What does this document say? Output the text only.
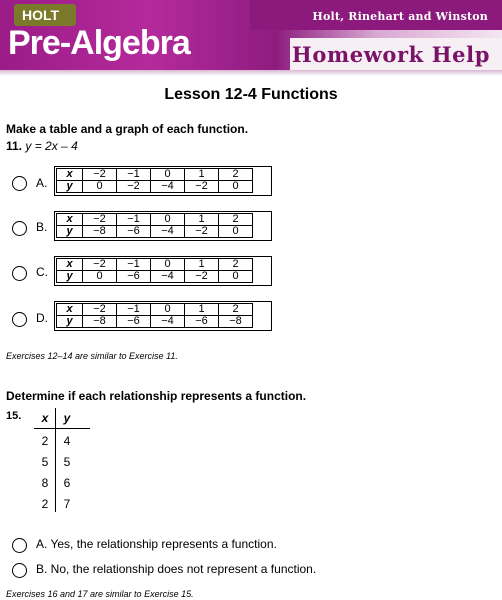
HOLT
Pre-Algebra
Holt, Rinehart and Winston
Homework Help
Lesson 12-4 Functions
Make a table and a graph of each function.
11. y = 2x – 4
A.
x	−2	−1	0	1	2
y	0	−2	−4	−2	0
B.
x	−2	−1	0	1	2
y	−8	−6	−4	−2	0
C.
x	−2	−1	0	1	2
y	0	−6	−4	−2	0
D.
x	−2	−1	0	1	2
y	−8	−6	−4	−6	−8
Exercises 12–14 are similar to Exercise 11.
Determine if each relationship represents a function.
15.	x	y
2	4
5	5
8	6
2	7
A. Yes, the relationship represents a function.
B. No, the relationship does not represent a function.
Exercises 16 and 17 are similar to Exercise 15.
